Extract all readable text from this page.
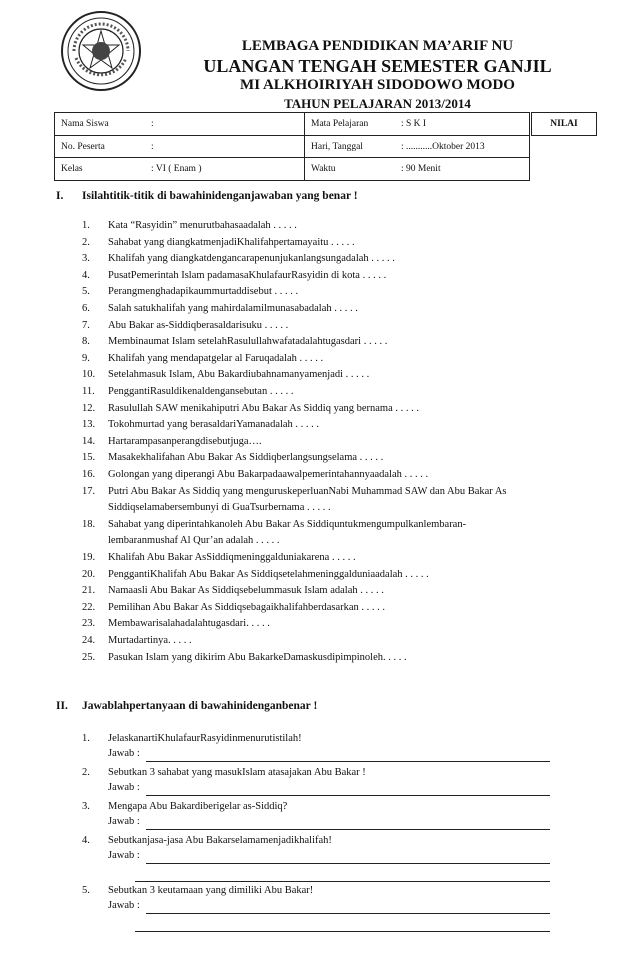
LEMBAGA PENDIDIKAN MA’ARIF NU
ULANGAN TENGAH SEMESTER GANJIL
MI ALKHOIRIYAH SIDODOWO MODO
TAHUN PELAJARAN 2013/2014
Nama Siswa	:	Mata Pelajaran	: S K I
No. Peserta	:	Hari, Tanggal	: ...........Oktober 2013
Kelas	: VI ( Enam )	Waktu	: 90 Menit
NILAI
I. Isilahtitik-titik di bawahinidenganjawaban yang benar !
1.	Kata “Rasyidin” menurutbahasaadalah . . . . .
2.	Sahabat yang diangkatmenjadiKhalifahpertamayaitu . . . . .
3.	Khalifah yang diangkatdengancarapenunjukanlangsungadalah . . . . .
4.	PusatPemerintah Islam padamasaKhulafaurRasyidin di kota . . . . .
5.	Perangmenghadapikaummurtaddisebut . . . . .
6.	Salah satukhalifah yang mahirdalamilmunasabadalah . . . . .
7.	Abu Bakar as-Siddiqberasaldarisuku . . . . .
8.	Membinaumat Islam setelahRasulullahwafatadalahtugasdari . . . . .
9.	Khalifah yang mendapatgelar al Faruqadalah . . . . .
10.	Setelahmasuk Islam, Abu Bakardiubahnamanyamenjadi . . . . .
11.	PenggantiRasuldikenaldengansebutan . . . . .
12.	Rasulullah SAW menikahiputri Abu Bakar As Siddiq yang bernama . . . . .
13.	Tokohmurtad yang berasaldariYamanadalah . . . . .
14.	Hartarampasanperangdisebutjuga….
15.	Masakekhalifahan Abu Bakar As Siddiqberlangsungselama . . . . .
16.	Golongan yang diperangi Abu Bakarpadaawalpemerintahannyaadalah . . . . .
17.	Putri Abu Bakar As Siddiq yang menguruskeperluanNabi Muhammad SAW dan Abu Bakar As
Siddiqselamabersembunyi di GuaTsurbernama . . . . .
18.	Sahabat yang diperintahkanoleh Abu Bakar As Siddiquntukmengumpulkanlembaran-
lembaranmushaf Al Qur’an adalah . . . . .
19.	Khalifah Abu Bakar AsSiddiqmeninggalduniakarena . . . . .
20.	PenggantiKhalifah Abu Bakar As Siddiqsetelahmeninggalduniaadalah . . . . .
21.	Namaasli Abu Bakar As Siddiqsebelummasuk Islam adalah . . . . .
22.	Pemilihan Abu Bakar As Siddiqsebagaikhalifahberdasarkan . . . . .
23.	Membawarisalahadalahtugasdari. . . . .
24.	Murtadartinya. . . . .
25.	Pasukan Islam yang dikirim Abu BakarkeDamaskusdipimpinoleh. . . . .
II. Jawablahpertanyaan di bawahinidenganbenar !
1.	JelaskanartiKhulafaurRasyidinmenurutistilah!
Jawab :
2.	Sebutkan 3 sahabat yang masukIslam atasajakan Abu Bakar !
Jawab :
3.	Mengapa Abu Bakardiberigelar as-Siddiq?
Jawab :
4.	Sebutkanjasa-jasa Abu Bakarselamamenjadikhalifah!
Jawab :
5.	Sebutkan 3 keutamaan yang dimiliki Abu Bakar!
Jawab :
